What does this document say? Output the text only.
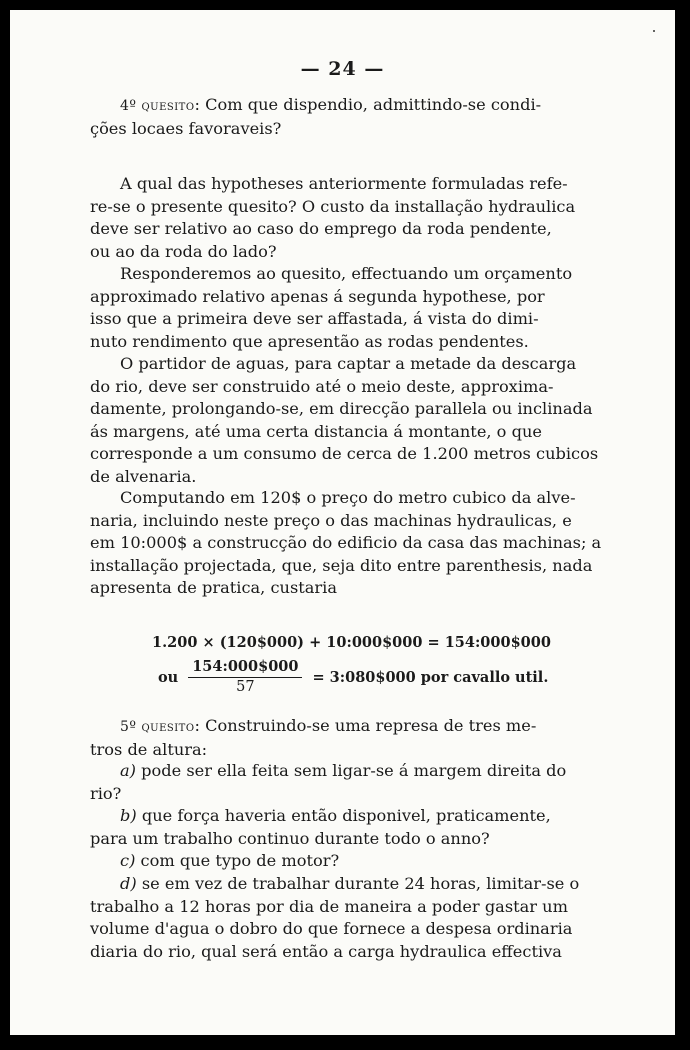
— 24 —

4º quesito: Com que dispendio, admittindo-se condi-

ções locaes favoraveis?

A qual das hypotheses anteriormente formuladas refe-

re-se o presente quesito? O custo da installação hydraulica

deve ser relativo ao caso do emprego da roda pendente,

ou ao da roda do lado?

Responderemos ao quesito, effectuando um orçamento

approximado relativo apenas á segunda hypothese, por

isso que a primeira deve ser affastada, á vista do dimi-

nuto rendimento que apresentão as rodas pendentes.

O partidor de aguas, para captar a metade da descarga

do rio, deve ser construido até o meio deste, approxima-

damente, prolongando-se, em direcção parallela ou inclinada

ás margens, até uma certa distancia á montante, o que

corresponde a um consumo de cerca de 1.200 metros cubicos

de alvenaria.

Computando em 120$ o preço do metro cubico da alve-

naria, incluindo neste preço o das machinas hydraulicas, e

em 10:000$ a construcção do edificio da casa das machinas; a

installação projectada, que, seja dito entre parenthesis, nada

apresenta de pratica, custaria

1.200 × (120$000) + 10:000$000 = 154:000$000
ou $\frac{154:000\$000}{57}$ = 3:080$000 por cavallo util.

5º quesito: Construindo-se uma represa de tres me-

tros de altura:

a) pode ser ella feita sem ligar-se á margem direita do

rio?

b) que força haveria então disponivel, praticamente,

para um trabalho continuo durante todo o anno?

c) com que typo de motor?

d) se em vez de trabalhar durante 24 horas, limitar-se o

trabalho a 12 horas por dia de maneira a poder gastar um

volume d'agua o dobro do que fornece a despesa ordinaria

diaria do rio, qual será então a carga hydraulica effectiva
